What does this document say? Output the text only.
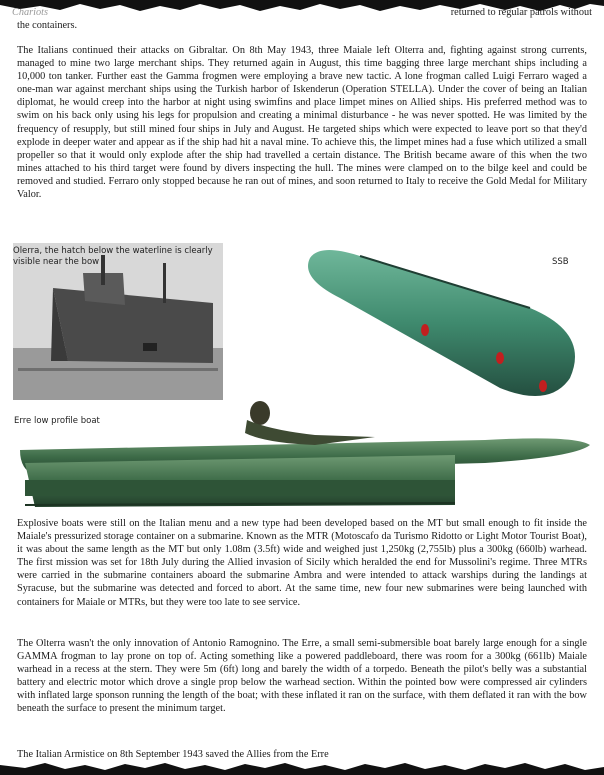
Chariots	returned to regular patrols without
the containers.

The Italians continued their attacks on Gibraltar. On 8th May 1943, three Maiale left Olterra and, fighting against strong currents, managed to mine two large merchant ships. They returned again in August, this time bagging three large merchant ships including a 10,000 ton tanker. Further east the Gamma frogmen were employing a brave new tactic. A lone frogman called Luigi Ferraro waged a one-man war against merchant ships using the Turkish harbor of Iskenderun (Operation STELLA). Under the cover of being an Italian diplomat, he would creep into the harbor at night using swimfins and place limpet mines on Allied ships. His preferred method was to swim on his back only using his legs for propulsion and creating a minimal disturbance - he was never spotted. He was limited by the frequency of resupply, but still mined four ships in July and August. He targeted ships which were expected to leave port so that they'd explode in deeper water and appear as if the ship had hit a naval mine. To achieve this, the limpet mines had a fuse which utilized a small propeller so that it would only explode after the ship had travelled a certain distance. The British became aware of this when the two mines attached to his third target were found by divers inspecting the hull. The mines were clamped on to the bilge keel and could be removed and studied. Ferraro only stopped because he ran out of mines, and soon returned to Italy to receive the Gold Medal for Military Valor.

Olerra, the hatch below the waterline is clearly visible near the bow	SSB
Erre low profile boat

Explosive boats were still on the Italian menu and a new type had been developed based on the MT but small enough to fit inside the Maiale's pressurized storage container on a submarine. Known as the MTR (Motoscafo da Turismo Ridotto or Light Motor Tourist Boat), it was about the same length as the MT but only 1.08m (3.5ft) wide and weighed just 1,250kg (2,755lb) plus a 300kg (660lb) warhead. The first mission was set for 18th July during the Allied invasion of Sicily which heralded the end for Mussolini's regime. Three MTRs were carried in the submarine containers aboard the submarine Ambra and were intended to attack warships during the landings at Syracuse, but the submarine was detected and forced to abort. At the same time, new four new submarines were being launched with containers for Maiale or MTRs, but they were too late to see service.

The Olterra wasn't the only innovation of Antonio Ramognino. The Erre, a small semi-submersible boat barely large enough for a single GAMMA frogman to lay prone on top of. Acting something like a powered paddleboard, there was room for a 300kg (661lb) Maiale warhead in a recess at the stern. They were 5m (6ft) long and barely the width of a torpedo. Beneath the pilot's belly was a substantial battery and electric motor which drove a single prop below the warhead section. Within the pointed bow were compressed air cylinders with inflated large sponson running the length of the boat; with these inflated it ran on the surface, with them deflated it ran with the bow beneath the surface to present the minimum target.

The Italian Armistice on 8th September 1943 saved the Allies from the Erre
